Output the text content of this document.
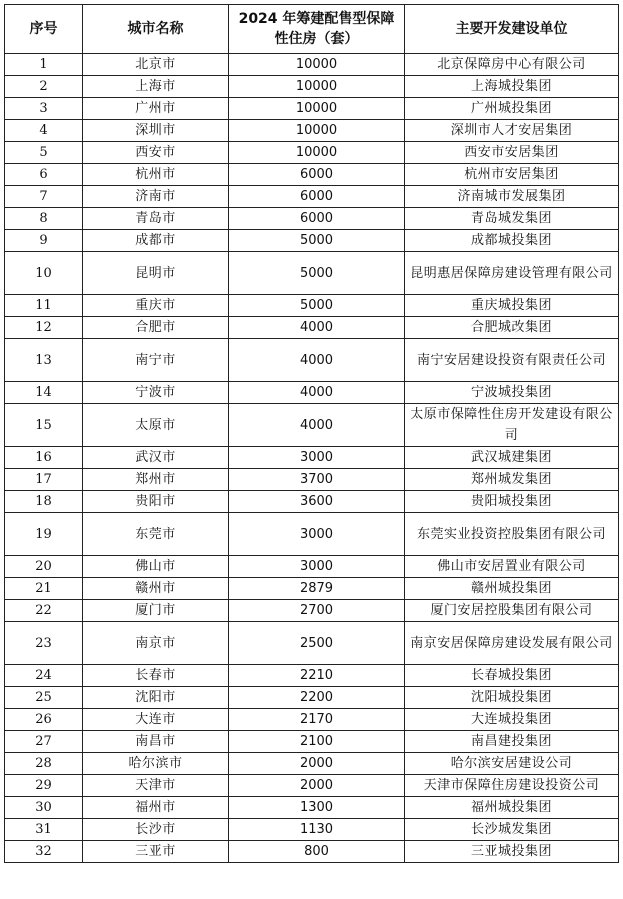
序号	城市名称	2024 年筹建配售型保障性住房（套）	主要开发建设单位
1	北京市	10000	北京保障房中心有限公司
2	上海市	10000	上海城投集团
3	广州市	10000	广州城投集团
4	深圳市	10000	深圳市人才安居集团
5	西安市	10000	西安市安居集团
6	杭州市	6000	杭州市安居集团
7	济南市	6000	济南城市发展集团
8	青岛市	6000	青岛城发集团
9	成都市	5000	成都城投集团
10	昆明市	5000	昆明惠居保障房建设管理有限公司
11	重庆市	5000	重庆城投集团
12	合肥市	4000	合肥城改集团
13	南宁市	4000	南宁安居建设投资有限责任公司
14	宁波市	4000	宁波城投集团
15	太原市	4000	太原市保障性住房开发建设有限公司
16	武汉市	3000	武汉城建集团
17	郑州市	3700	郑州城发集团
18	贵阳市	3600	贵阳城投集团
19	东莞市	3000	东莞实业投资控股集团有限公司
20	佛山市	3000	佛山市安居置业有限公司
21	赣州市	2879	赣州城投集团
22	厦门市	2700	厦门安居控股集团有限公司
23	南京市	2500	南京安居保障房建设发展有限公司
24	长春市	2210	长春城投集团
25	沈阳市	2200	沈阳城投集团
26	大连市	2170	大连城投集团
27	南昌市	2100	南昌建投集团
28	哈尔滨市	2000	哈尔滨安居建设公司
29	天津市	2000	天津市保障住房建设投资公司
30	福州市	1300	福州城投集团
31	长沙市	1130	长沙城发集团
32	三亚市	800	三亚城投集团
